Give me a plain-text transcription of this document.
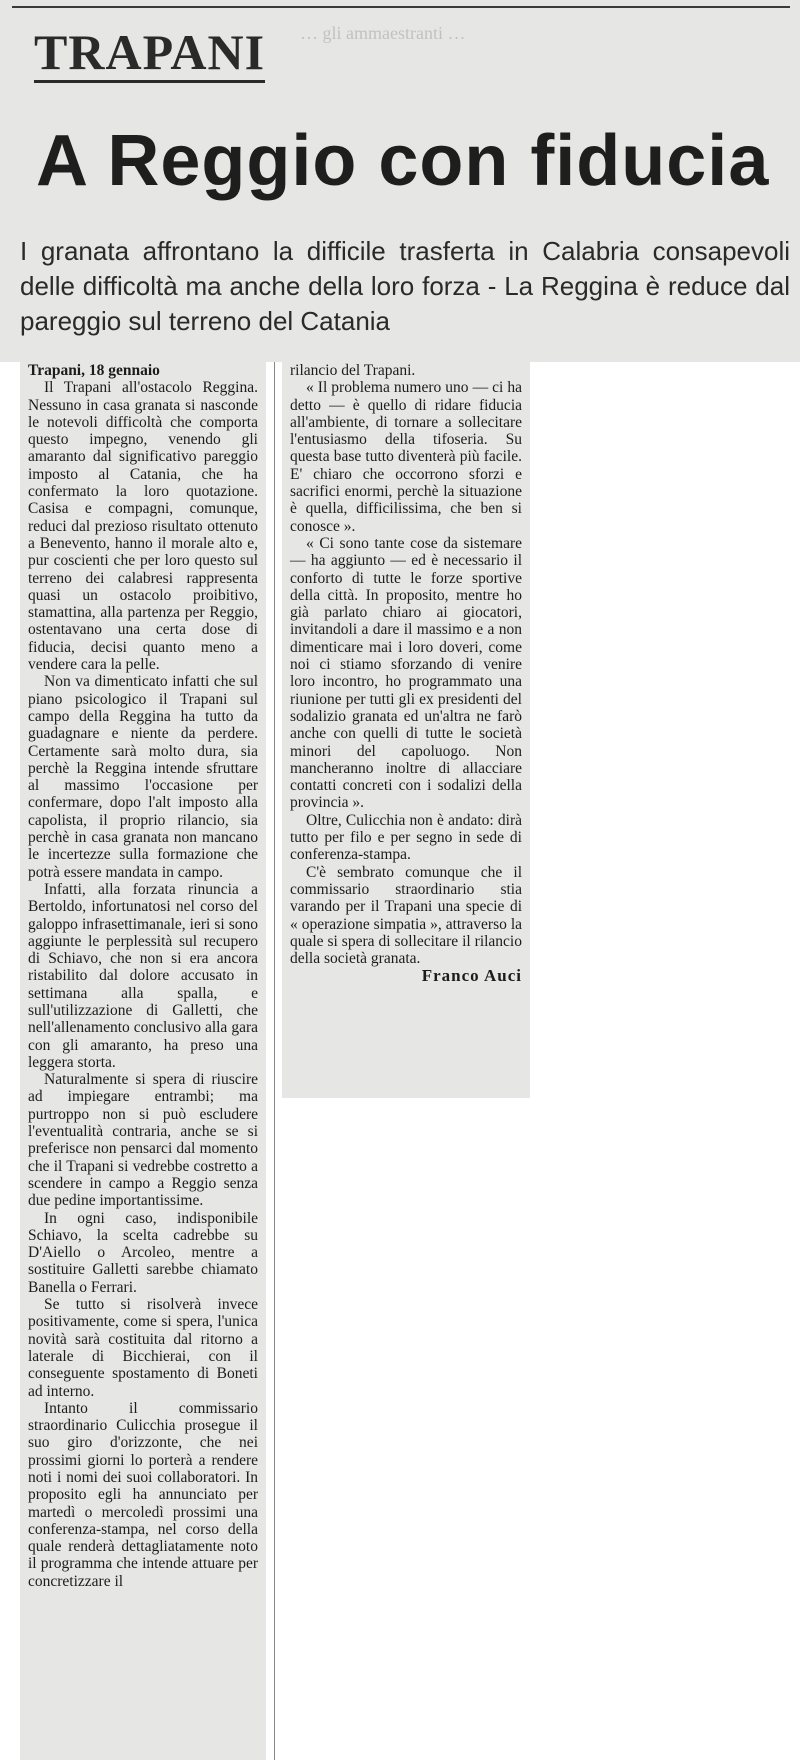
… gli ammaestranti …
TRAPANI
A Reggio con fiducia
I granata affrontano la difficile trasferta in Calabria consapevoli delle difficoltà ma anche della loro forza - La Reggina è reduce dal pareggio sul terreno del Catania

Trapani, 18 gennaio

Il Trapani all'ostacolo Reggina. Nessuno in casa granata si nasconde le notevoli difficoltà che comporta questo impegno, venendo gli amaranto dal significativo pareggio imposto al Catania, che ha confermato la loro quotazione. Casisa e compagni, comunque, reduci dal prezioso risultato ottenuto a Benevento, hanno il morale alto e, pur coscienti che per loro questo sul terreno dei calabresi rappresenta quasi un ostacolo proibitivo, stamattina, alla partenza per Reggio, ostentavano una certa dose di fiducia, decisi quanto meno a vendere cara la pelle.

Non va dimenticato infatti che sul piano psicologico il Trapani sul campo della Reggina ha tutto da guadagnare e niente da perdere. Certamente sarà molto dura, sia perchè la Reggina intende sfruttare al massimo l'occasione per confermare, dopo l'alt imposto alla capolista, il proprio rilancio, sia perchè in casa granata non mancano le incertezze sulla formazione che potrà essere mandata in campo.

Infatti, alla forzata rinuncia a Bertoldo, infortunatosi nel corso del galoppo infrasettimanale, ieri si sono aggiunte le perplessità sul recupero di Schiavo, che non si era ancora ristabilito dal dolore accusato in settimana alla spalla, e sull'utilizzazione di Galletti, che nell'allenamento conclusivo alla gara con gli amaranto, ha preso una leggera storta.

Naturalmente si spera di riuscire ad impiegare entrambi; ma purtroppo non si può escludere l'eventualità contraria, anche se si preferisce non pensarci dal momento che il Trapani si vedrebbe costretto a scendere in campo a Reggio senza due pedine importantissime.

In ogni caso, indisponibile Schiavo, la scelta cadrebbe su D'Aiello o Arcoleo, mentre a sostituire Galletti sarebbe chiamato Banella o Ferrari.

Se tutto si risolverà invece positivamente, come si spera, l'unica novità sarà costituita dal ritorno a laterale di Bicchierai, con il conseguente spostamento di Boneti ad interno.

Intanto il commissario straordinario Culicchia prosegue il suo giro d'orizzonte, che nei prossimi giorni lo porterà a rendere noti i nomi dei suoi collaboratori. In proposito egli ha annunciato per martedì o mercoledì prossimi una conferenza-stampa, nel corso della quale renderà dettagliatamente noto il programma che intende attuare per concretizzare il

rilancio del Trapani.

« Il problema numero uno — ci ha detto — è quello di ridare fiducia all'ambiente, di tornare a sollecitare l'entusiasmo della tifoseria. Su questa base tutto diventerà più facile. E' chiaro che occorrono sforzi e sacrifici enormi, perchè la situazione è quella, difficilissima, che ben si conosce ».

« Ci sono tante cose da sistemare — ha aggiunto — ed è necessario il conforto di tutte le forze sportive della città. In proposito, mentre ho già parlato chiaro ai giocatori, invitandoli a dare il massimo e a non dimenticare mai i loro doveri, come noi ci stiamo sforzando di venire loro incontro, ho programmato una riunione per tutti gli ex presidenti del sodalizio granata ed un'altra ne farò anche con quelli di tutte le società minori del capoluogo. Non mancheranno inoltre di allacciare contatti concreti con i sodalizi della provincia ».

Oltre, Culicchia non è andato: dirà tutto per filo e per segno in sede di conferenza-stampa.

C'è sembrato comunque che il commissario straordinario stia varando per il Trapani una specie di « operazione simpatia », attraverso la quale si spera di sollecitare il rilancio della società granata.

Franco Auci
